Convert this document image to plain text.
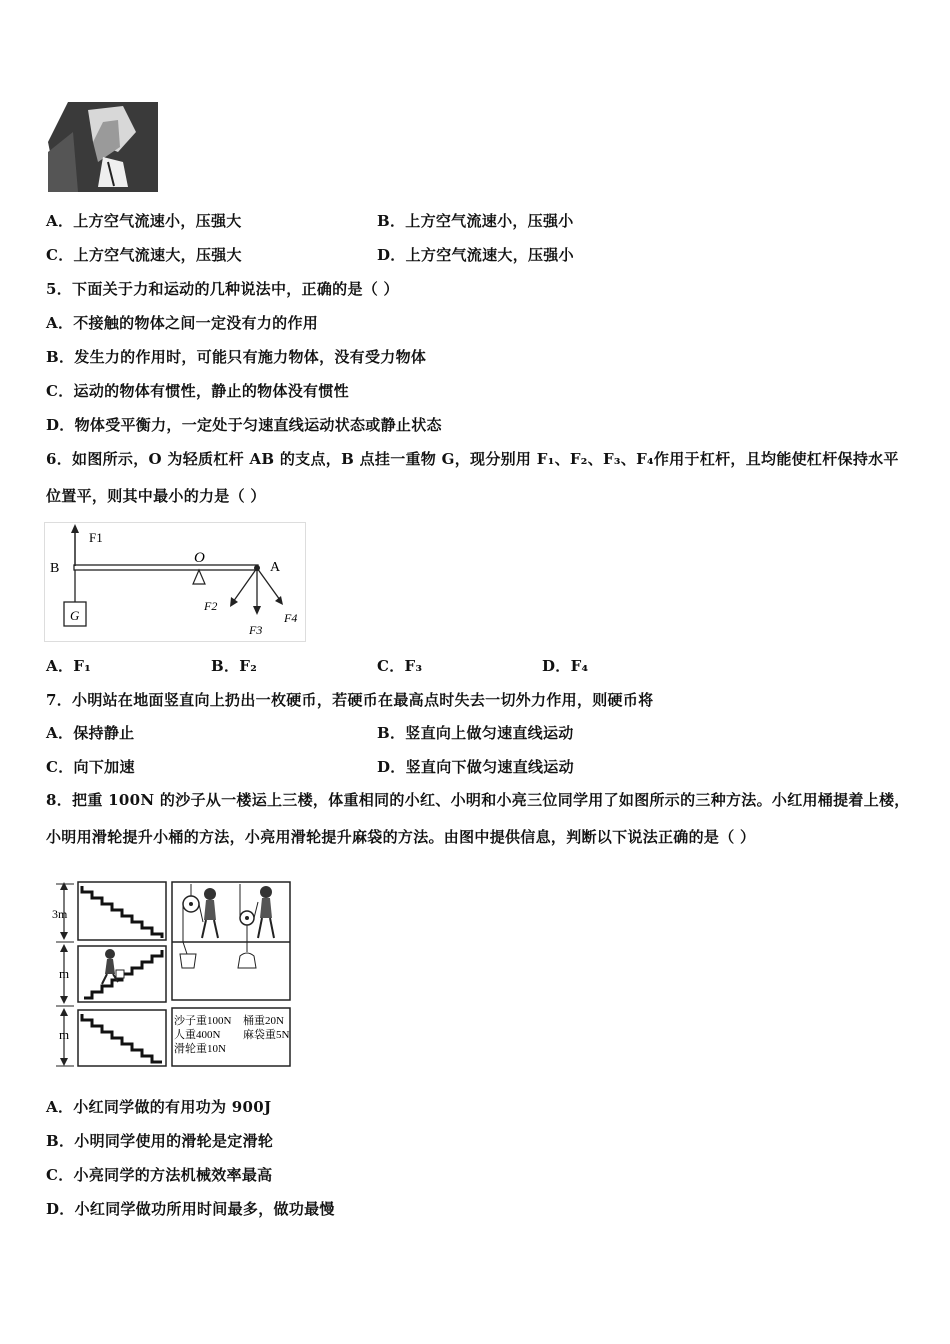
A．上方空气流速小，压强大	B．上方空气流速小，压强小
C．上方空气流速大，压强大	D．上方空气流速大，压强小
5．下面关于力和运动的几种说法中，正确的是（ ）
A．不接触的物体之间一定没有力的作用
B．发生力的作用时，可能只有施力物体，没有受力物体
C．运动的物体有惯性，静止的物体没有惯性
D．物体受平衡力，一定处于匀速直线运动状态或静止状态
6．如图所示，O 为轻质杠杆 AB 的支点，B 点挂一重物 G，现分别用 F₁、F₂、F₃、F₄作用于杠杆，且均能使杠杆保持水平位置平，则其中最小的力是（ ）
F1
B
O
A
G
F2
F3
F4
A．F₁	B．F₂	C．F₃	D．F₄
7．小明站在地面竖直向上扔出一枚硬币，若硬币在最高点时失去一切外力作用，则硬币将
A．保持静止	B．竖直向上做匀速直线运动
C．向下加速	D．竖直向下做匀速直线运动
8．把重 100N 的沙子从一楼运上三楼，体重相同的小红、小明和小亮三位同学用了如图所示的三种方法。小红用桶提着上楼，小明用滑轮提升小桶的方法，小亮用滑轮提升麻袋的方法。由图中提供信息，判断以下说法正确的是（ ）
3m
m
m
沙子重100N 桶重20N
人重400N 麻袋重5N
滑轮重10N
A．小红同学做的有用功为 900J
B．小明同学使用的滑轮是定滑轮
C．小亮同学的方法机械效率最高
D．小红同学做功所用时间最多，做功最慢
